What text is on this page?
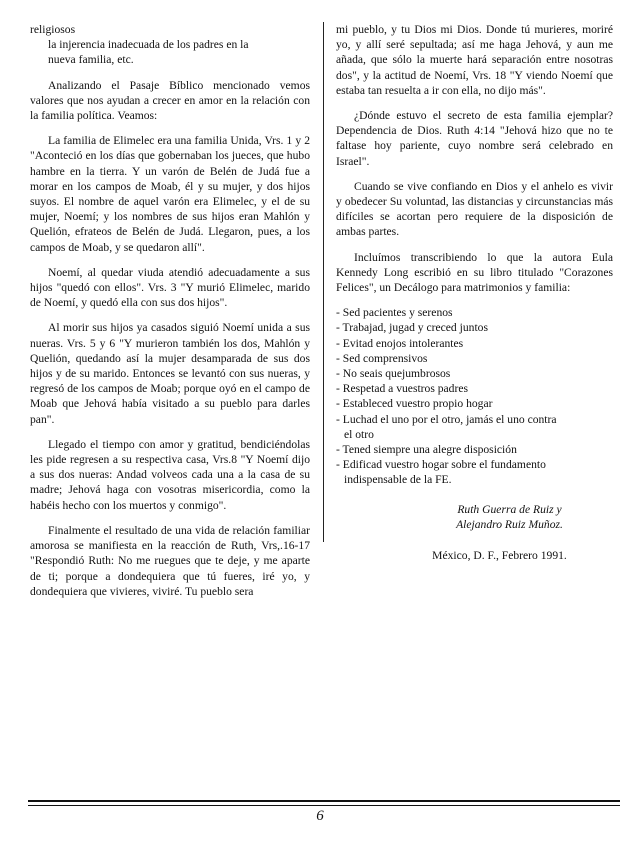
religiosos
la injerencia inadecuada de los padres en la
nueva familia, etc.

Analizando el Pasaje Bíblico mencionado vemos valores que nos ayudan a crecer en amor en la relación con la familia política. Veamos:

La familia de Elimelec era una familia Unida, Vrs. 1 y 2 "Aconteció en los días que gobernaban los jueces, que hubo hambre en la tierra. Y un varón de Belén de Judá fue a morar en los campos de Moab, él y su mujer, y dos hijos suyos. El nombre de aquel varón era Elimelec, y el de su mujer, Noemí; y los nombres de sus hijos eran Mahlón y Quelión, efrateos de Belén de Judá. Llegaron, pues, a los campos de Moab, y se quedaron allí".

Noemí, al quedar viuda atendió adecuadamente a sus hijos "quedó con ellos". Vrs. 3 "Y murió Elimelec, marido de Noemí, y quedó ella con sus dos hijos".

Al morir sus hijos ya casados siguió Noemí unida a sus nueras. Vrs. 5 y 6 "Y murieron también los dos, Mahlón y Quelión, quedando así la mujer desamparada de sus dos hijos y de su marido. Entonces se levantó con sus nueras, y regresó de los campos de Moab; porque oyó en el campo de Moab que Jehová había visitado a su pueblo para darles pan".

Llegado el tiempo con amor y gratitud, bendiciéndolas les pide regresen a su respectiva casa, Vrs.8 "Y Noemí dijo a sus dos nueras: Andad volveos cada una a la casa de su madre; Jehová haga con vosotras misericordia, como la habéis hecho con los muertos y conmigo".

Finalmente el resultado de una vida de relación familiar amorosa se manifiesta en la reacción de Ruth, Vrs,.16-17 "Respondió Ruth: No me ruegues que te deje, y me aparte de ti; porque a dondequiera que tú fueres, iré yo, y dondequiera que vivieres, viviré. Tu pueblo sera

mi pueblo, y tu Dios mi Dios. Donde tú murieres, moriré yo, y allí seré sepultada; así me haga Jehová, y aun me añada, que sólo la muerte hará separación entre nosotras dos", y la actitud de Noemí, Vrs. 18 "Y viendo Noemí que estaba tan resuelta a ir con ella, no dijo más".

¿Dónde estuvo el secreto de esta familia ejemplar? Dependencia de Dios. Ruth 4:14 "Jehová hizo que no te faltase hoy pariente, cuyo nombre será celebrado en Israel".

Cuando se vive confiando en Dios y el anhelo es vivir y obedecer Su voluntad, las distancias y circunstancias más difíciles se acortan pero requiere de la disposición de ambas partes.

Incluímos transcribiendo lo que la autora Eula Kennedy Long escribió en su libro titulado "Corazones Felices", un Decálogo para matrimonios y familia:

- Sed pacientes y serenos
- Trabajad, jugad y creced juntos
- Evitad enojos intolerantes
- Sed comprensivos
- No seais quejumbrosos
- Respetad a vuestros padres
- Estableced vuestro propio hogar
- Luchad el uno por el otro, jamás el uno contra
el otro
- Tened siempre una alegre disposición
- Edificad vuestro hogar sobre el fundamento
indispensable de la FE.
Ruth Guerra de Ruiz y
Alejandro Ruiz Muñoz.
México, D. F., Febrero 1991.
6
